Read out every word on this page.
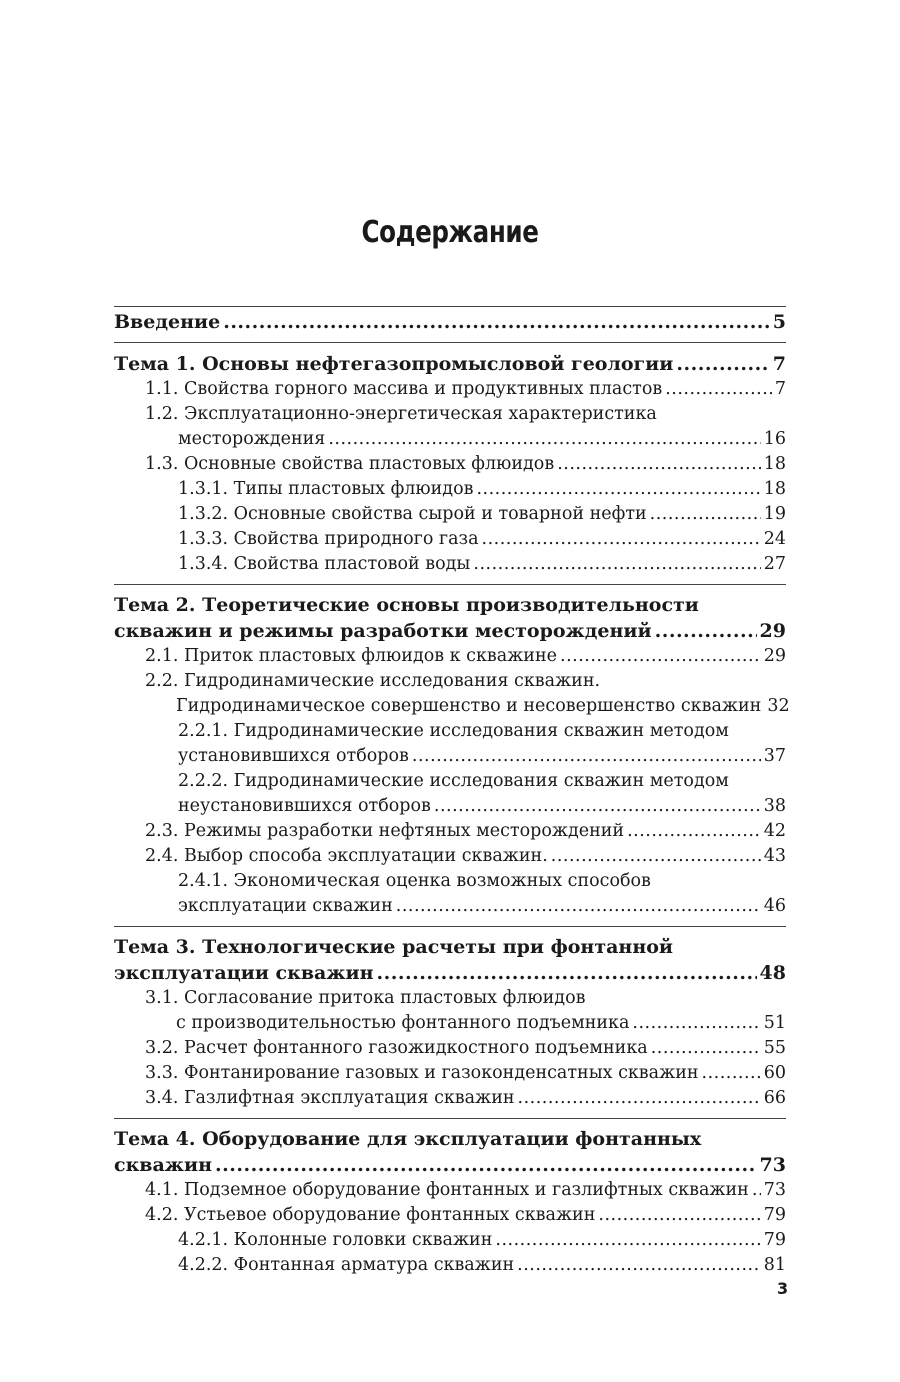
Содержание
Введение .....	5
Тема 1. Основы нефтегазопромысловой геологии .....	7
1.1. Свойства горного массива и продуктивных пластов .....	7
1.2. Эксплуатационно-энергетическая характеристика
месторождения .....	16
1.3. Основные свойства пластовых флюидов .....	18
1.3.1. Типы пластовых флюидов .....	18
1.3.2. Основные свойства сырой и товарной нефти .....	19
1.3.3. Свойства природного газа .....	24
1.3.4. Свойства пластовой воды .....	27
Тема 2. Теоретические основы производительности
скважин и режимы разработки месторождений .....	29
2.1. Приток пластовых флюидов к скважине .....	29
2.2. Гидродинамические исследования скважин.
Гидродинамическое совершенство и несовершенство скважин 32
2.2.1. Гидродинамические исследования скважин методом
установившихся отборов .....	37
2.2.2. Гидродинамические исследования скважин методом
неустановившихся отборов .....	38
2.3. Режимы разработки нефтяных месторождений .....	42
2.4. Выбор способа эксплуатации скважин. .....	43
2.4.1. Экономическая оценка возможных способов
эксплуатации скважин .....	46
Тема 3. Технологические расчеты при фонтанной
эксплуатации скважин .....	48
3.1. Согласование притока пластовых флюидов
с производительностью фонтанного подъемника .....	51
3.2. Расчет фонтанного газожидкостного подъемника .....	55
3.3. Фонтанирование газовых и газоконденсатных скважин .....	60
3.4. Газлифтная эксплуатация скважин .....	66
Тема 4. Оборудование для эксплуатации фонтанных
скважин .....	73
4.1. Подземное оборудование фонтанных и газлифтных скважин ..... 73
4.2. Устьевое оборудование фонтанных скважин .....	79
4.2.1. Колонные головки скважин .....	79
4.2.2. Фонтанная арматура скважин .....	81
3
